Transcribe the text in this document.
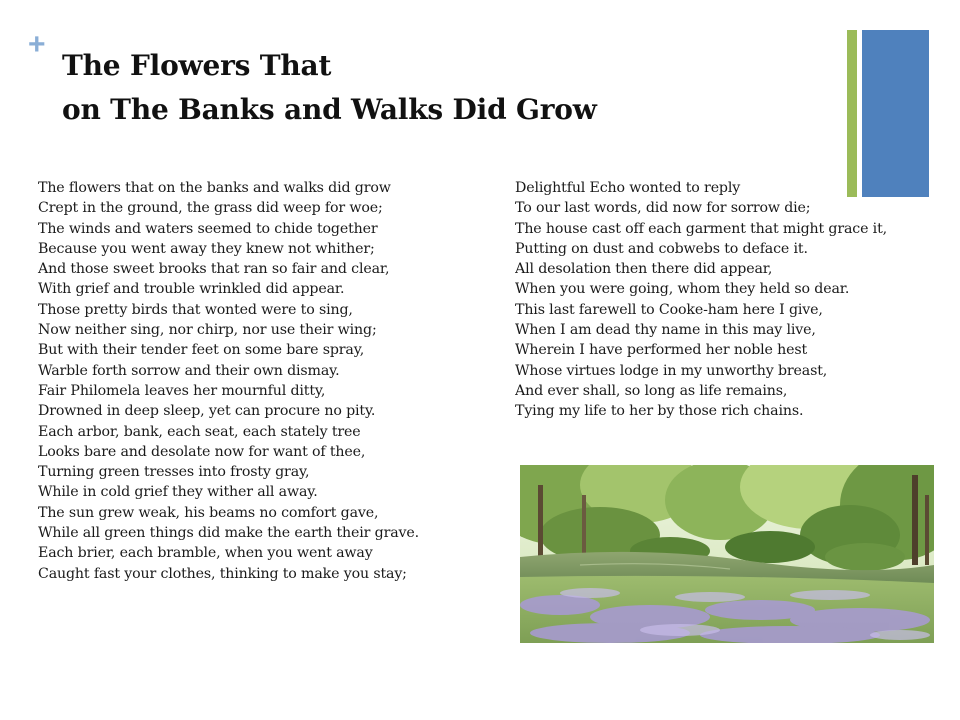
+
The Flowers That
on The Banks and Walks Did Grow
The flowers that on the banks and walks did grow
Crept in the ground, the grass did weep for woe;
The winds and waters seemed to chide together
Because you went away they knew not whither;
And those sweet brooks that ran so fair and clear,
With grief and trouble wrinkled did appear.
Those pretty birds that wonted were to sing,
Now neither sing, nor chirp, nor use their wing;
But with their tender feet on some bare spray,
Warble forth sorrow and their own dismay.
Fair Philomela leaves her mournful ditty,
Drowned in deep sleep, yet can procure no pity.
Each arbor, bank, each seat, each stately tree
Looks bare and desolate now for want of thee,
Turning green tresses into frosty gray,
While in cold grief they wither all away.
The sun grew weak, his beams no comfort gave,
While all green things did make the earth their grave.
Each brier, each bramble, when you went away
Caught fast your clothes, thinking to make you stay;
Delightful Echo wonted to reply
To our last words, did now for sorrow die;
The house cast off each garment that might grace it,
Putting on dust and cobwebs to deface it.
All desolation then there did appear,
When you were going, whom they held so dear.
This last farewell to Cooke-ham here I give,
When I am dead thy name in this may live,
Wherein I have performed her noble hest
Whose virtues lodge in my unworthy breast,
And ever shall, so long as life remains,
Tying my life to her by those rich chains.
